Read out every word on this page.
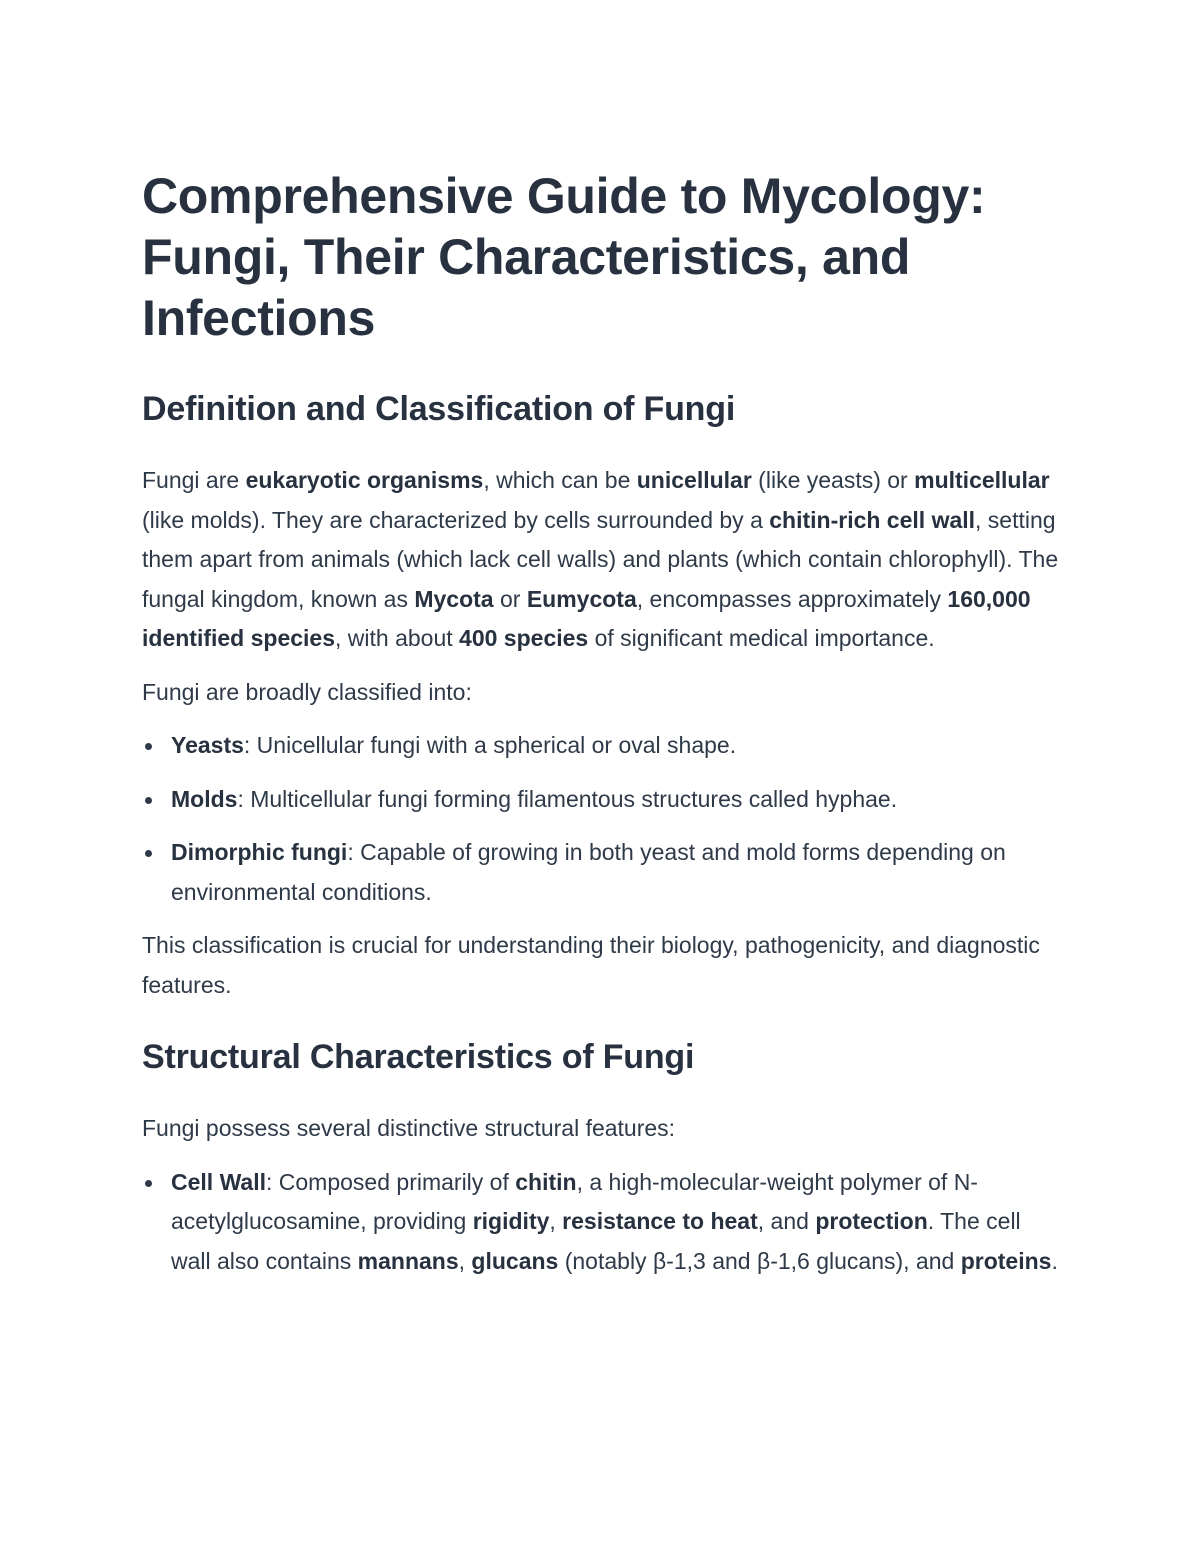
Comprehensive Guide to Mycology: Fungi, Their Characteristics, and Infections
Definition and Classification of Fungi

Fungi are eukaryotic organisms, which can be unicellular (like yeasts) or multicellular (like molds). They are characterized by cells surrounded by a chitin-rich cell wall, setting them apart from animals (which lack cell walls) and plants (which contain chlorophyll). The fungal kingdom, known as Mycota or Eumycota, encompasses approximately 160,000 identified species, with about 400 species of significant medical importance.

Fungi are broadly classified into:

Yeasts: Unicellular fungi with a spherical or oval shape.
Molds: Multicellular fungi forming filamentous structures called hyphae.
Dimorphic fungi: Capable of growing in both yeast and mold forms depending on environmental conditions.

This classification is crucial for understanding their biology, pathogenicity, and diagnostic features.

Structural Characteristics of Fungi

Fungi possess several distinctive structural features:

Cell Wall: Composed primarily of chitin, a high-molecular-weight polymer of N-acetylglucosamine, providing rigidity, resistance to heat, and protection. The cell wall also contains mannans, glucans (notably β-1,3 and β-1,6 glucans), and proteins.
